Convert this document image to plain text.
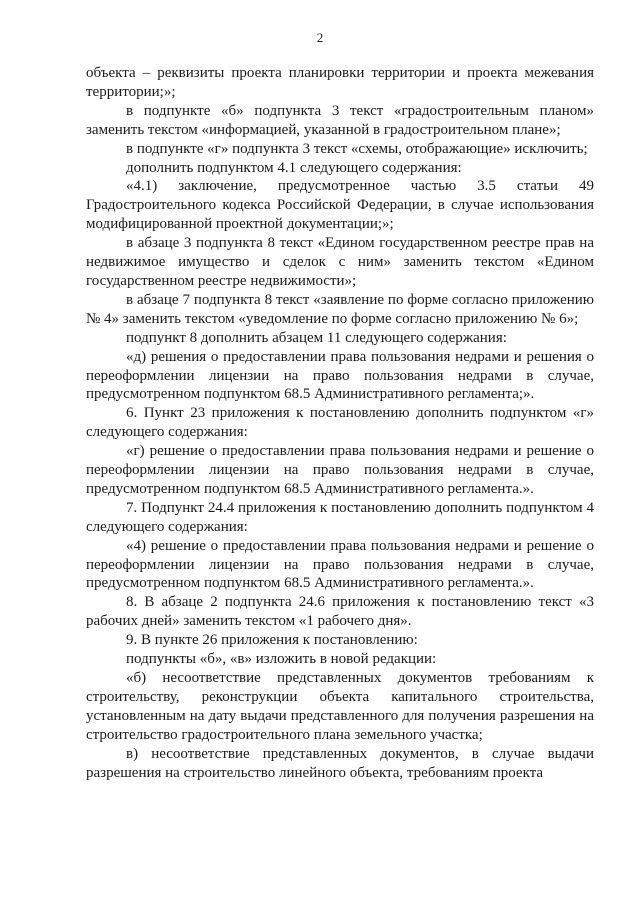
2

объекта – реквизиты проекта планировки территории и проекта межевания территории;»;

в подпункте «б» подпункта 3 текст «градостроительным планом» заменить текстом «информацией, указанной в градостроительном плане»;

в подпункте «г» подпункта 3 текст «схемы, отображающие» исключить;

дополнить подпунктом 4.1 следующего содержания:

«4.1) заключение, предусмотренное частью 3.5 статьи 49 Градостроительного кодекса Российской Федерации, в случае использования модифицированной проектной документации;»;

в абзаце 3 подпункта 8 текст «Едином государственном реестре прав на недвижимое имущество и сделок с ним» заменить текстом «Едином государственном реестре недвижимости»;

в абзаце 7 подпункта 8 текст «заявление по форме согласно приложению № 4» заменить текстом «уведомление по форме согласно приложению № 6»;

подпункт 8 дополнить абзацем 11 следующего содержания:

«д) решения о предоставлении права пользования недрами и решения о переоформлении лицензии на право пользования недрами в случае, предусмотренном подпунктом 68.5 Административного регламента;».

6. Пункт 23 приложения к постановлению дополнить подпунктом «г» следующего содержания:

«г) решение о предоставлении права пользования недрами и решение о переоформлении лицензии на право пользования недрами в случае, предусмотренном подпунктом 68.5 Административного регламента.».

7. Подпункт 24.4 приложения к постановлению дополнить подпунктом 4 следующего содержания:

«4) решение о предоставлении права пользования недрами и решение о переоформлении лицензии на право пользования недрами в случае, предусмотренном подпунктом 68.5 Административного регламента.».

8. В абзаце 2 подпункта 24.6 приложения к постановлению текст «3 рабочих дней» заменить текстом «1 рабочего дня».

9. В пункте 26 приложения к постановлению:

подпункты «б», «в» изложить в новой редакции:

«б) несоответствие представленных документов требованиям к строительству, реконструкции объекта капитального строительства, установленным на дату выдачи представленного для получения разрешения на строительство градостроительного плана земельного участка;

в) несоответствие представленных документов, в случае выдачи разрешения на строительство линейного объекта, требованиям проекта
